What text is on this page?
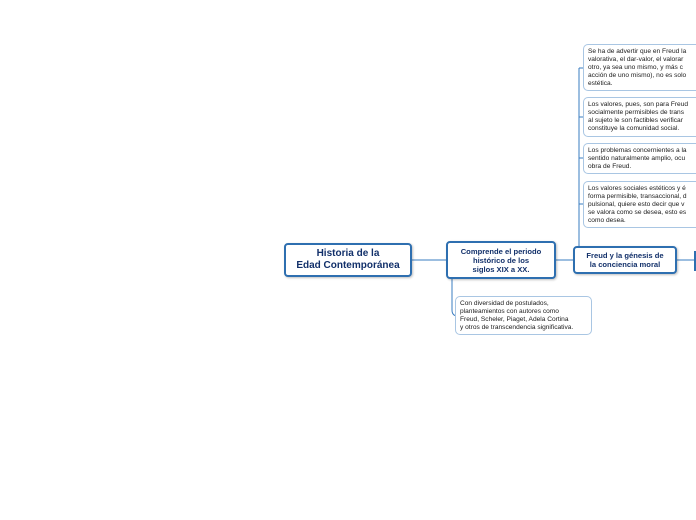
Historia de la
Edad Contemporánea
Comprende el periodo
histórico de los
siglos XIX a XX.
Freud y la génesis de
la conciencia moral
Con diversidad de postulados,
planteamientos con autores como
Freud, Scheler, Piaget, Adela Cortina
y otros de transcendencia significativa.
Se ha de advertir que en Freud la
valorativa, el dar-valor, el valorar
otro, ya sea uno mismo, y más c
acción de uno mismo), no es solo
estética.
Los valores, pues, son para Freud
socialmente permisibles de trans
al sujeto le son factibles verificar
constituye la comunidad social.
Los problemas concernientes a la
sentido naturalmente amplio, ocu
obra de Freud.
Los valores sociales estéticos y é
forma permisible, transaccional, d
pulsional, quiere esto decir que v
se valora como se desea, esto es
como desea.
